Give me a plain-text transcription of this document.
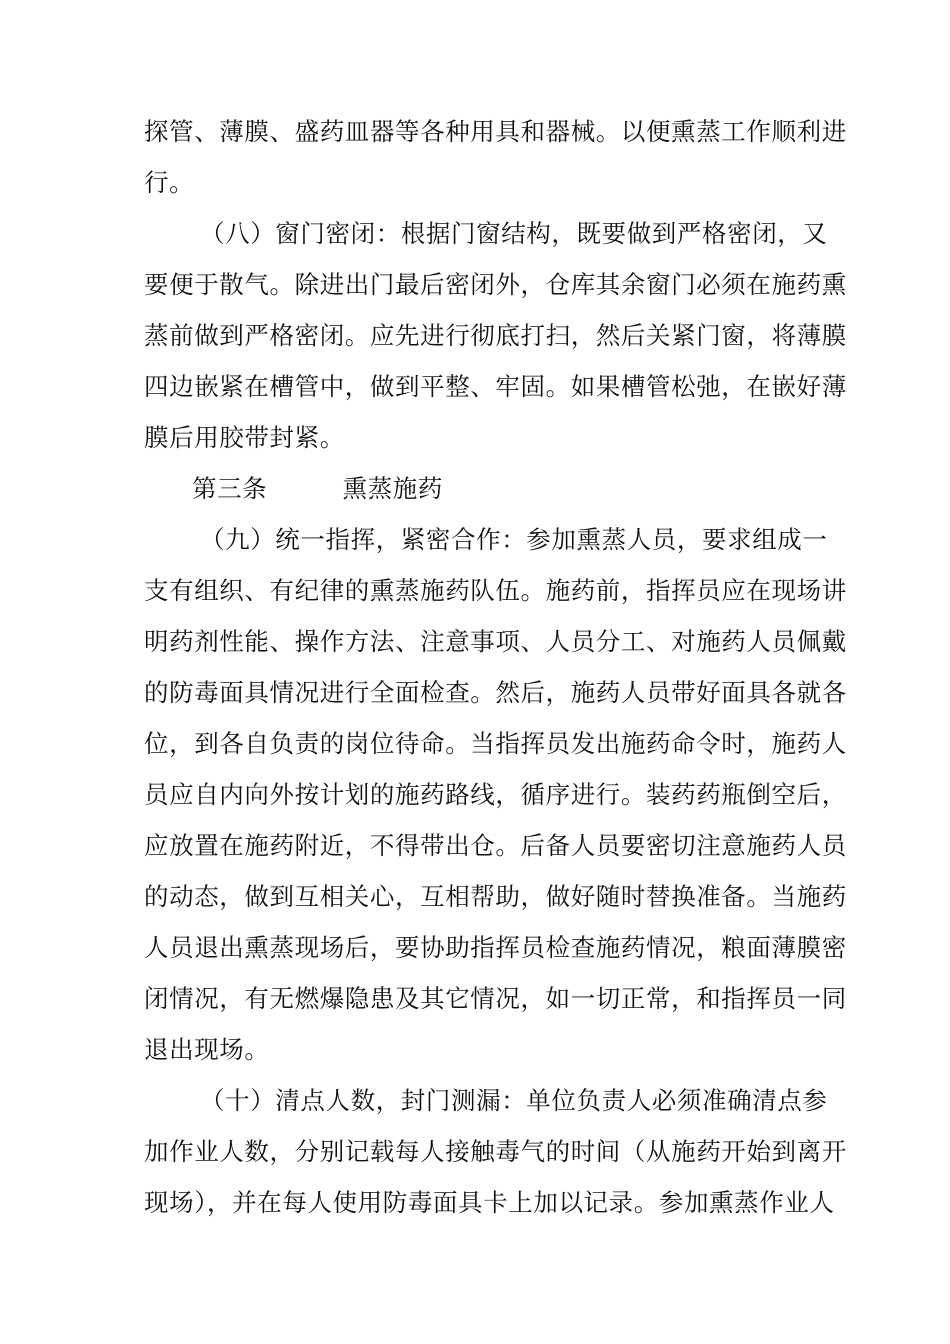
探管、薄膜、盛药皿器等各种用具和器械。以便熏蒸工作顺利进
行。
（八）窗门密闭：根据门窗结构，既要做到严格密闭，又
要便于散气。除进出门最后密闭外，仓库其余窗门必须在施药熏
蒸前做到严格密闭。应先进行彻底打扫，然后关紧门窗，将薄膜
四边嵌紧在槽管中，做到平整、牢固。如果槽管松弛，在嵌好薄
膜后用胶带封紧。
第三条　　　熏蒸施药
（九）统一指挥，紧密合作：参加熏蒸人员，要求组成一
支有组织、有纪律的熏蒸施药队伍。施药前，指挥员应在现场讲
明药剂性能、操作方法、注意事项、人员分工、对施药人员佩戴
的防毒面具情况进行全面检查。然后，施药人员带好面具各就各
位，到各自负责的岗位待命。当指挥员发出施药命令时，施药人
员应自内向外按计划的施药路线，循序进行。装药药瓶倒空后，
应放置在施药附近，不得带出仓。后备人员要密切注意施药人员
的动态，做到互相关心，互相帮助，做好随时替换准备。当施药
人员退出熏蒸现场后，要协助指挥员检查施药情况，粮面薄膜密
闭情况，有无燃爆隐患及其它情况，如一切正常，和指挥员一同
退出现场。
（十）清点人数，封门测漏：单位负责人必须准确清点参
加作业人数，分别记载每人接触毒气的时间（从施药开始到离开
现场），并在每人使用防毒面具卡上加以记录。参加熏蒸作业人
